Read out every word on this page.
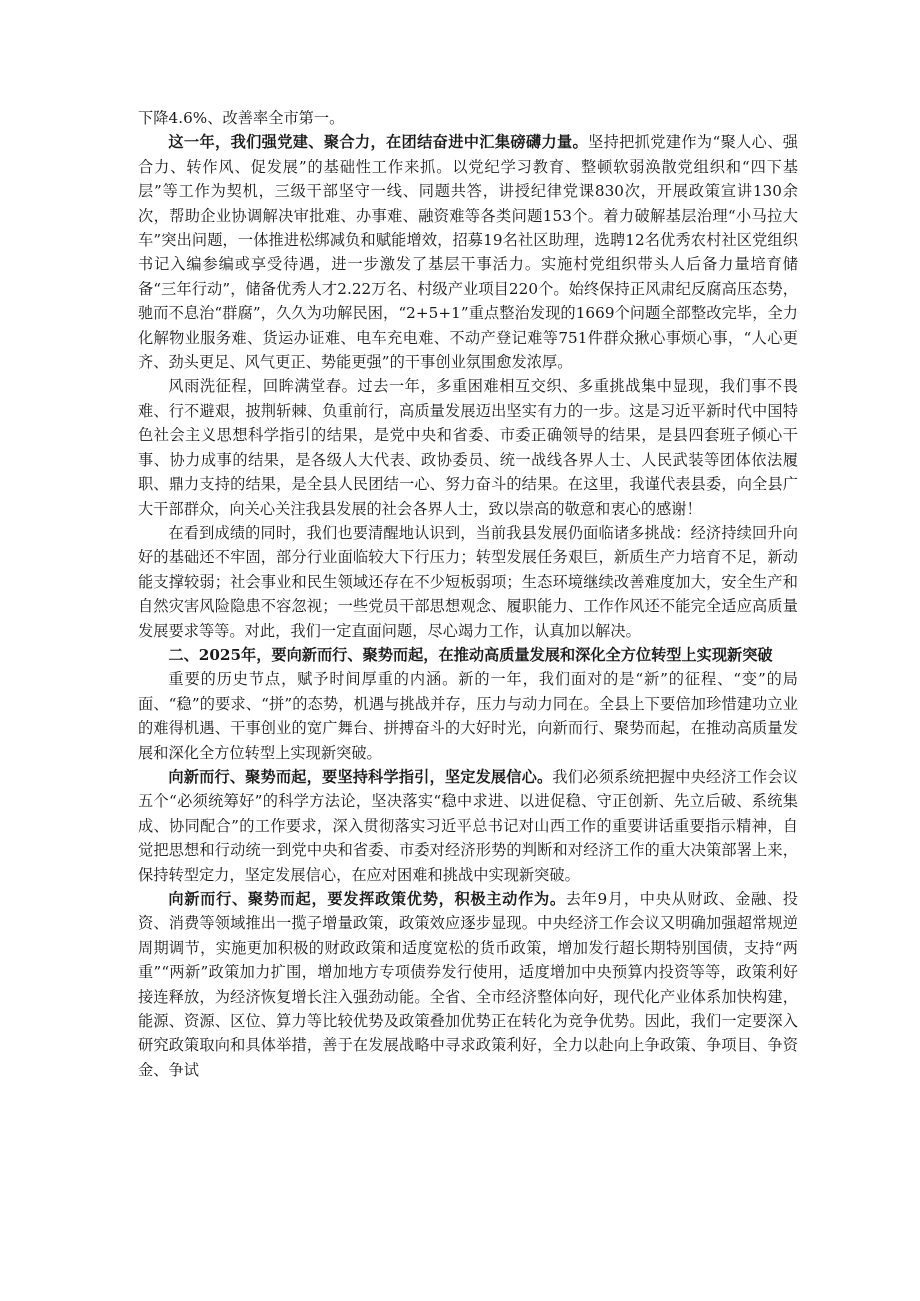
下降4.6%、改善率全市第一。

这一年，我们强党建、聚合力，在团结奋进中汇集磅礴力量。坚持把抓党建作为“聚人心、强合力、转作风、促发展”的基础性工作来抓。以党纪学习教育、整顿软弱涣散党组织和“四下基层”等工作为契机，三级干部坚守一线、同题共答，讲授纪律党课830次，开展政策宣讲130余次，帮助企业协调解决审批难、办事难、融资难等各类问题153个。着力破解基层治理“小马拉大车”突出问题，一体推进松绑减负和赋能增效，招募19名社区助理，选聘12名优秀农村社区党组织书记入编参编或享受待遇，进一步激发了基层干事活力。实施村党组织带头人后备力量培育储备“三年行动”，储备优秀人才2.22万名、村级产业项目220个。始终保持正风肃纪反腐高压态势，驰而不息治“群腐”，久久为功解民困，“2+5+1”重点整治发现的1669个问题全部整改完毕，全力化解物业服务难、货运办证难、电车充电难、不动产登记难等751件群众揪心事烦心事，“人心更齐、劲头更足、风气更正、势能更强”的干事创业氛围愈发浓厚。

风雨洗征程，回眸满堂春。过去一年，多重困难相互交织、多重挑战集中显现，我们事不畏难、行不避艰，披荆斩棘、负重前行，高质量发展迈出坚实有力的一步。这是习近平新时代中国特色社会主义思想科学指引的结果，是党中央和省委、市委正确领导的结果，是县四套班子倾心干事、协力成事的结果，是各级人大代表、政协委员、统一战线各界人士、人民武装等团体依法履职、鼎力支持的结果，是全县人民团结一心、努力奋斗的结果。在这里，我谨代表县委，向全县广大干部群众，向关心关注我县发展的社会各界人士，致以崇高的敬意和衷心的感谢！

在看到成绩的同时，我们也要清醒地认识到，当前我县发展仍面临诸多挑战：经济持续回升向好的基础还不牢固，部分行业面临较大下行压力；转型发展任务艰巨，新质生产力培育不足，新动能支撑较弱；社会事业和民生领域还存在不少短板弱项；生态环境继续改善难度加大，安全生产和自然灾害风险隐患不容忽视；一些党员干部思想观念、履职能力、工作作风还不能完全适应高质量发展要求等等。对此，我们一定直面问题，尽心竭力工作，认真加以解决。

二、2025年，要向新而行、聚势而起，在推动高质量发展和深化全方位转型上实现新突破

重要的历史节点，赋予时间厚重的内涵。新的一年，我们面对的是“新”的征程、“变”的局面、“稳”的要求、“拼”的态势，机遇与挑战并存，压力与动力同在。全县上下要倍加珍惜建功立业的难得机遇、干事创业的宽广舞台、拼搏奋斗的大好时光，向新而行、聚势而起，在推动高质量发展和深化全方位转型上实现新突破。

向新而行、聚势而起，要坚持科学指引，坚定发展信心。我们必须系统把握中央经济工作会议五个“必须统筹好”的科学方法论，坚决落实“稳中求进、以进促稳、守正创新、先立后破、系统集成、协同配合”的工作要求，深入贯彻落实习近平总书记对山西工作的重要讲话重要指示精神，自觉把思想和行动统一到党中央和省委、市委对经济形势的判断和对经济工作的重大决策部署上来，保持转型定力，坚定发展信心，在应对困难和挑战中实现新突破。

向新而行、聚势而起，要发挥政策优势，积极主动作为。去年9月，中央从财政、金融、投资、消费等领域推出一揽子增量政策，政策效应逐步显现。中央经济工作会议又明确加强超常规逆周期调节，实施更加积极的财政政策和适度宽松的货币政策，增加发行超长期特别国债，支持“两重”“两新”政策加力扩围，增加地方专项债券发行使用，适度增加中央预算内投资等等，政策利好接连释放，为经济恢复增长注入强劲动能。全省、全市经济整体向好，现代化产业体系加快构建，能源、资源、区位、算力等比较优势及政策叠加优势正在转化为竞争优势。因此，我们一定要深入研究政策取向和具体举措，善于在发展战略中寻求政策利好，全力以赴向上争政策、争项目、争资金、争试
